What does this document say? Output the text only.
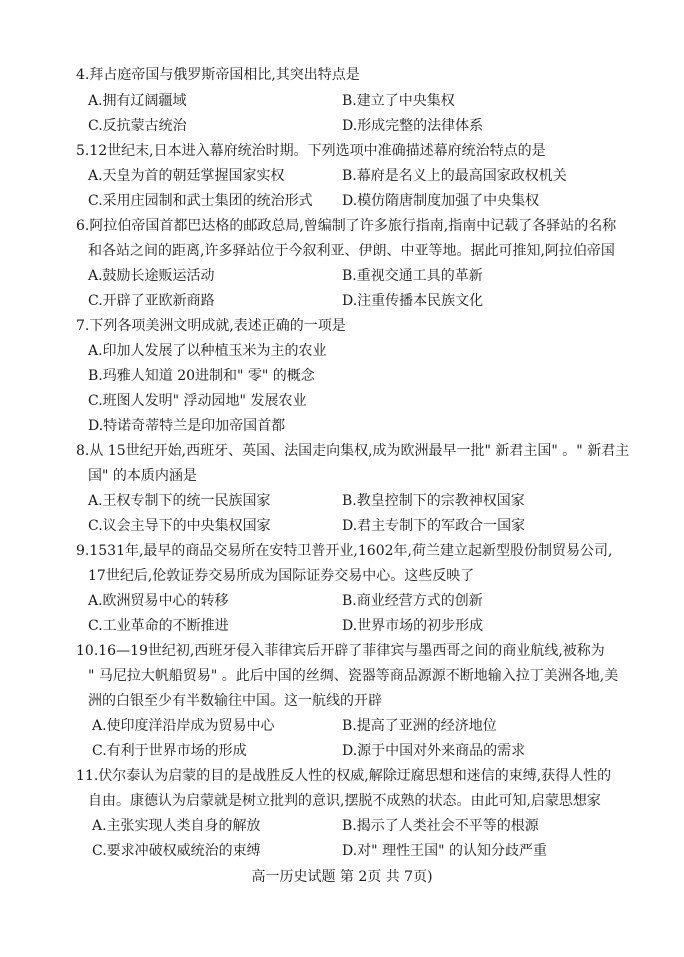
4.拜占庭帝国与俄罗斯帝国相比,其突出特点是
A.拥有辽阔疆域	B.建立了中央集权
C.反抗蒙古统治	D.形成完整的法律体系
5.12世纪末,日本进入幕府统治时期。下列选项中准确描述幕府统治特点的是
A.天皇为首的朝廷掌握国家实权	B.幕府是名义上的最高国家政权机关
C.采用庄园制和武士集团的统治形式 D.模仿隋唐制度加强了中央集权
6.阿拉伯帝国首都巴达格的邮政总局,曾编制了许多旅行指南,指南中记载了各驿站的名称
和各站之间的距离,许多驿站位于今叙利亚、伊朗、中亚等地。据此可推知,阿拉伯帝国
A.鼓励长途贩运活动	B.重视交通工具的革新
C.开辟了亚欧新商路	D.注重传播本民族文化
7.下列各项美洲文明成就,表述正确的一项是
A.印加人发展了以种植玉米为主的农业
B.玛雅人知道 20进制和" 零" 的概念
C.班图人发明" 浮动园地" 发展农业
D.特诺奇蒂特兰是印加帝国首都
8.从 15世纪开始,西班牙、英国、法国走向集权,成为欧洲最早一批" 新君主国" 。" 新君主
国" 的本质内涵是
A.王权专制下的统一民族国家	B.教皇控制下的宗教神权国家
C.议会主导下的中央集权国家	D.君主专制下的军政合一国家
9.1531年,最早的商品交易所在安特卫普开业,1602年,荷兰建立起新型股份制贸易公司,
17世纪后,伦敦证券交易所成为国际证券交易中心。这些反映了
A.欧洲贸易中心的转移	B.商业经营方式的创新
C.工业革命的不断推进	D.世界市场的初步形成
10.16—19世纪初,西班牙侵入菲律宾后开辟了菲律宾与墨西哥之间的商业航线,被称为
" 马尼拉大帆船贸易" 。此后中国的丝绸、瓷器等商品源源不断地输入拉丁美洲各地,美
洲的白银至少有半数输往中国。这一航线的开辟
A.使印度洋沿岸成为贸易中心	B.提高了亚洲的经济地位
C.有利于世界市场的形成	D.源于中国对外来商品的需求
11.伏尔泰认为启蒙的目的是战胜反人性的权威,解除迂腐思想和迷信的束缚,获得人性的
自由。康德认为启蒙就是树立批判的意识,摆脱不成熟的状态。由此可知,启蒙思想家
A.主张实现人类自身的解放	B.揭示了人类社会不平等的根源
C.要求冲破权威统治的束缚	D.对" 理性王国" 的认知分歧严重
高一历史试题 第 2页 共 7页)
